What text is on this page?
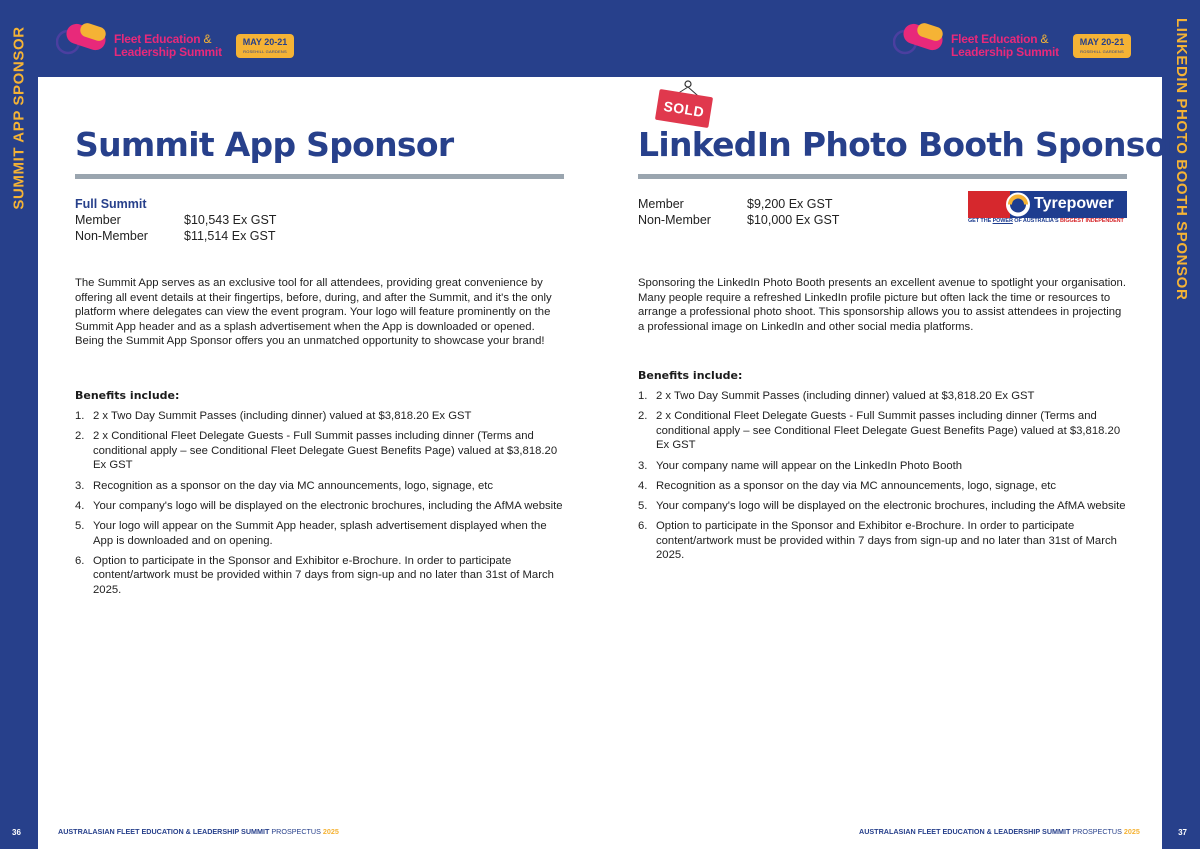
SUMMIT APP SPONSOR
36
LINKEDIN PHOTO BOOTH SPONSOR
37
Fleet Education &
Leadership Summit
MAY 20-21
ROSEHILL GARDENS
Fleet Education &
Leadership Summit
MAY 20-21
ROSEHILL GARDENS
Summit App Sponsor
Full Summit
Member	$10,543 Ex GST
Non-Member	$11,514 Ex GST

The Summit App serves as an exclusive tool for all attendees, providing great convenience by offering all event details at their fingertips, before, during, and after the Summit, and it's the only platform where delegates can view the event program. Your logo will feature prominently on the Summit App header and as a splash advertisement when the App is downloaded or opened. Being the Summit App Sponsor offers you an unmatched opportunity to showcase your brand!

Benefits include:
1. 2 x Two Day Summit Passes (including dinner) valued at $3,818.20 Ex GST
2. 2 x Conditional Fleet Delegate Guests - Full Summit passes including dinner (Terms and conditional apply – see Conditional Fleet Delegate Guest Benefits Page) valued at $3,818.20 Ex GST
3. Recognition as a sponsor on the day via MC announcements, logo, signage, etc
4. Your company's logo will be displayed on the electronic brochures, including the AfMA website
5. Your logo will appear on the Summit App header, splash advertisement displayed when the App is downloaded and on opening.
6. Option to participate in the Sponsor and Exhibitor e-Brochure. In order to participate content/artwork must be provided within 7 days from sign-up and no later than 31st of March 2025.
SOLD
LinkedIn Photo Booth Sponsor
Member	$9,200 Ex GST
Non-Member	$10,000 Ex GST

Sponsoring the LinkedIn Photo Booth presents an excellent avenue to spotlight your organisation. Many people require a refreshed LinkedIn profile picture but often lack the time or resources to arrange a professional photo shoot. This sponsorship allows you to assist attendees in projecting a professional image on LinkedIn and other social media platforms.

Benefits include:
1. 2 x Two Day Summit Passes (including dinner) valued at $3,818.20 Ex GST
2. 2 x Conditional Fleet Delegate Guests - Full Summit passes including dinner (Terms and conditional apply – see Conditional Fleet Delegate Guest Benefits Page) valued at $3,818.20 Ex GST
3. Your company name will appear on the LinkedIn Photo Booth
4. Recognition as a sponsor on the day via MC announcements, logo, signage, etc
5. Your company's logo will be displayed on the electronic brochures, including the AfMA website
6. Option to participate in the Sponsor and Exhibitor e-Brochure. In order to participate content/artwork must be provided within 7 days from sign-up and no later than 31st of March 2025.
Tyrepower
GET THE POWER OF AUSTRALIA'S BIGGEST INDEPENDENT
AUSTRALASIAN FLEET EDUCATION & LEADERSHIP SUMMIT PROSPECTUS 2025	AUSTRALASIAN FLEET EDUCATION & LEADERSHIP SUMMIT PROSPECTUS 2025
